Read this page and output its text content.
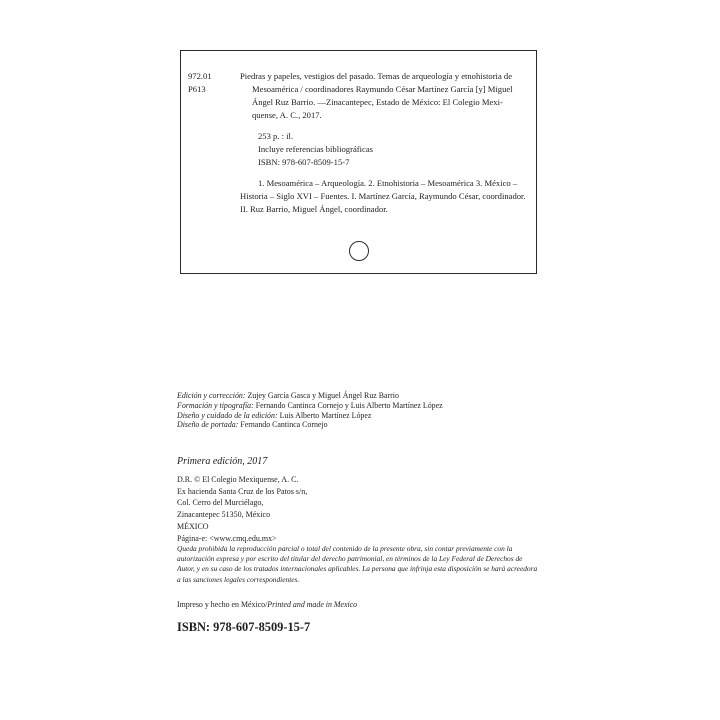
972.01
P613
Piedras y papeles, vestigios del pasado. Temas de arqueología y etnohistoria de
Mesoamérica / coordinadores Raymundo César Martínez García [y] Miguel
Ángel Ruz Barrio. —Zinacantepec, Estado de México: El Colegio Mexi-
quense, A. C., 2017.
253 p. : il.
Incluye referencias bibliográficas
ISBN: 978-607-8509-15-7
1. Mesoamérica – Arqueología. 2. Etnohistoria – Mesoamérica 3. México –
Historia – Siglo XVI – Fuentes. I. Martínez García, Raymundo César, coordinador.
II. Ruz Barrio, Miguel Ángel, coordinador.
Edición y corrección: Zujey García Gasca y Miguel Ángel Ruz Barrio
Formación y tipografía: Fernando Cantinca Cornejo y Luis Alberto Martínez López
Diseño y cuidado de la edición: Luis Alberto Martínez López
Diseño de portada: Fernando Cantinca Cornejo
Primera edición, 2017
D.R. © El Colegio Mexiquense, A. C.
Ex hacienda Santa Cruz de los Patos s/n,
Col. Cerro del Murciélago,
Zinacantepec 51350, México
MÉXICO
Página-e: <www.cmq.edu.mx>
Queda prohibida la reproducción parcial o total del contenido de la presente obra, sin contar previamente con la
autorización expresa y por escrito del titular del derecho patrimonial, en términos de la Ley Federal de Derechos de
Autor, y en su caso de los tratados internacionales aplicables. La persona que infrinja esta disposición se hará acreedora
a las sanciones legales correspondientes.
Impreso y hecho en México/Printed and made in Mexico
ISBN: 978-607-8509-15-7
